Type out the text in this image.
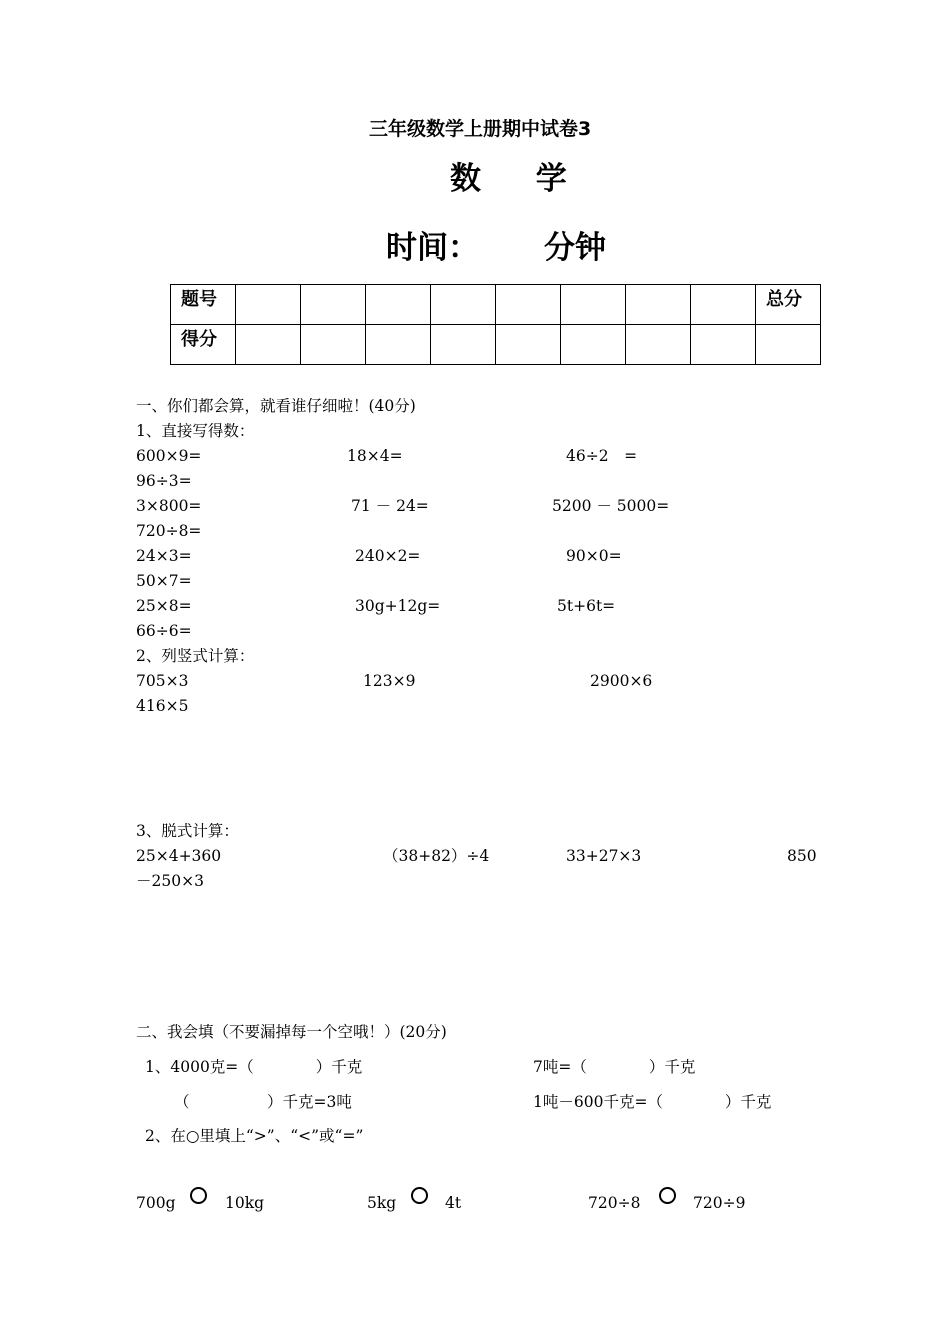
三年级数学上册期中试卷3
数 学
时间： 分钟
题号									总分
得分									
一、你们都会算，就看谁仔细啦！(40分)
1、直接写得数：
600×9=	18×4=	46÷2　=
96÷3=
3×800=	71 － 24=	5200 － 5000=
720÷8=
24×3=	240×2=	90×0=
50×7=
25×8=	30g+12g=	5t+6t=
66÷6=
2、列竖式计算：
705×3	123×9	2900×6
416×5
3、脱式计算：
25×4+360	（38+82）÷4	33+27×3	850
－250×3
二、我会填（不要漏掉每一个空哦！）(20分)
1、4000克=（　　　　）千克	7吨=（　　　　）千克
（　　　　　）千克=3吨	1吨－600千克=（　　　　）千克
2、在○里填上“>”、“<”或“=”
700g	10kg	5kg	4t	720÷8	720÷9
